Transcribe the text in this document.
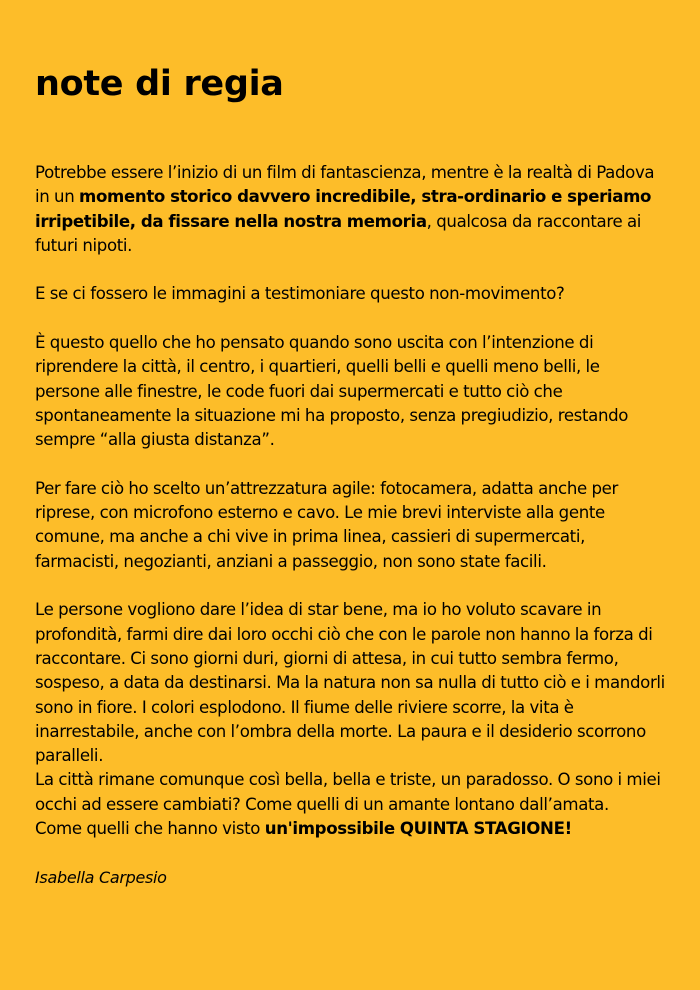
note di regia

Potrebbe essere l’inizio di un film di fantascienza, mentre è la realtà di Padova in un momento storico davvero incredibile, stra-ordinario e speriamo irripetibile, da fissare nella nostra memoria, qualcosa da raccontare ai futuri nipoti.

E se ci fossero le immagini a testimoniare questo non-movimento?

È questo quello che ho pensato quando sono uscita con l’intenzione di riprendere la città, il centro, i quartieri, quelli belli e quelli meno belli, le persone alle finestre, le code fuori dai supermercati e tutto ciò che spontaneamente la situazione mi ha proposto, senza pregiudizio, restando sempre “alla giusta distanza”.

Per fare ciò ho scelto un’attrezzatura agile: fotocamera, adatta anche per riprese, con microfono esterno e cavo. Le mie brevi interviste alla gente comune, ma anche a chi vive in prima linea, cassieri di supermercati, farmacisti, negozianti, anziani a passeggio, non sono state facili.

Le persone vogliono dare l’idea di star bene, ma io ho voluto scavare in profondità, farmi dire dai loro occhi ciò che con le parole non hanno la forza di raccontare. Ci sono giorni duri, giorni di attesa, in cui tutto sembra fermo, sospeso, a data da destinarsi. Ma la natura non sa nulla di tutto ciò e i mandorli sono in fiore. I colori esplodono. Il fiume delle riviere scorre, la vita è inarrestabile, anche con l’ombra della morte. La paura e il desiderio scorrono paralleli.

La città rimane comunque così bella, bella e triste, un paradosso. O sono i miei occhi ad essere cambiati? Come quelli di un amante lontano dall’amata.

Come quelli che hanno visto un'impossibile QUINTA STAGIONE!

Isabella Carpesio
